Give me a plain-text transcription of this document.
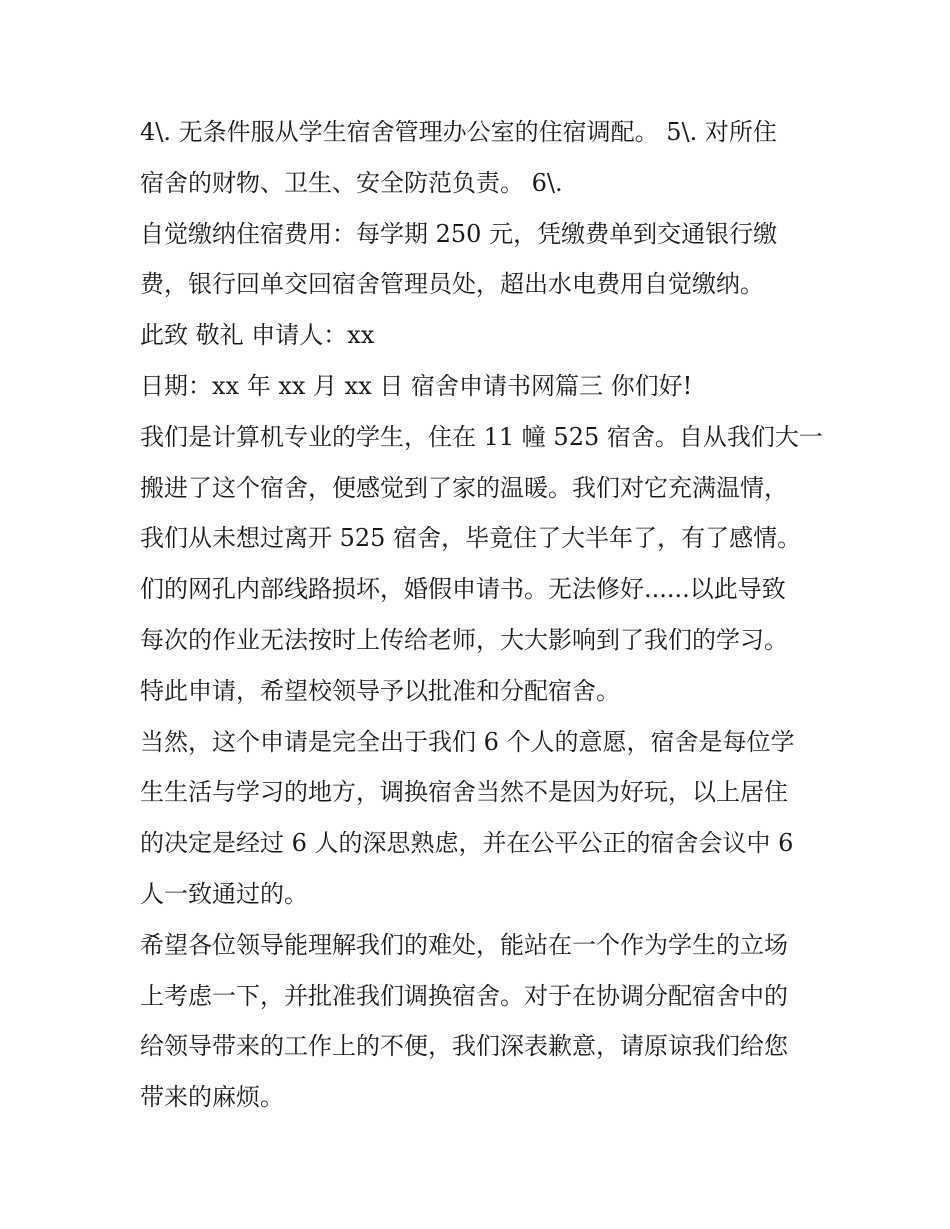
4\. 无条件服从学生宿舍管理办公室的住宿调配。 5\. 对所住
宿舍的财物、卫生、安全防范负责。 6\.
自觉缴纳住宿费用：每学期 250 元，凭缴费单到交通银行缴
费，银行回单交回宿舍管理员处，超出水电费用自觉缴纳。
此致 敬礼 申请人：xx
日期：xx 年 xx 月 xx 日 宿舍申请书网篇三 你们好!
我们是计算机专业的学生，住在 11 幢 525 宿舍。自从我们大一
搬进了这个宿舍，便感觉到了家的温暖。我们对它充满温情，
我们从未想过离开 525 宿舍，毕竟住了大半年了，有了感情。
们的网孔内部线路损坏，婚假申请书。无法修好......以此导致
每次的作业无法按时上传给老师，大大影响到了我们的学习。
特此申请，希望校领导予以批准和分配宿舍。
当然，这个申请是完全出于我们 6 个人的意愿，宿舍是每位学
生生活与学习的地方，调换宿舍当然不是因为好玩，以上居住
的决定是经过 6 人的深思熟虑，并在公平公正的宿舍会议中 6
人一致通过的。
希望各位领导能理解我们的难处，能站在一个作为学生的立场
上考虑一下，并批准我们调换宿舍。对于在协调分配宿舍中的
给领导带来的工作上的不便，我们深表歉意，请原谅我们给您
带来的麻烦。
